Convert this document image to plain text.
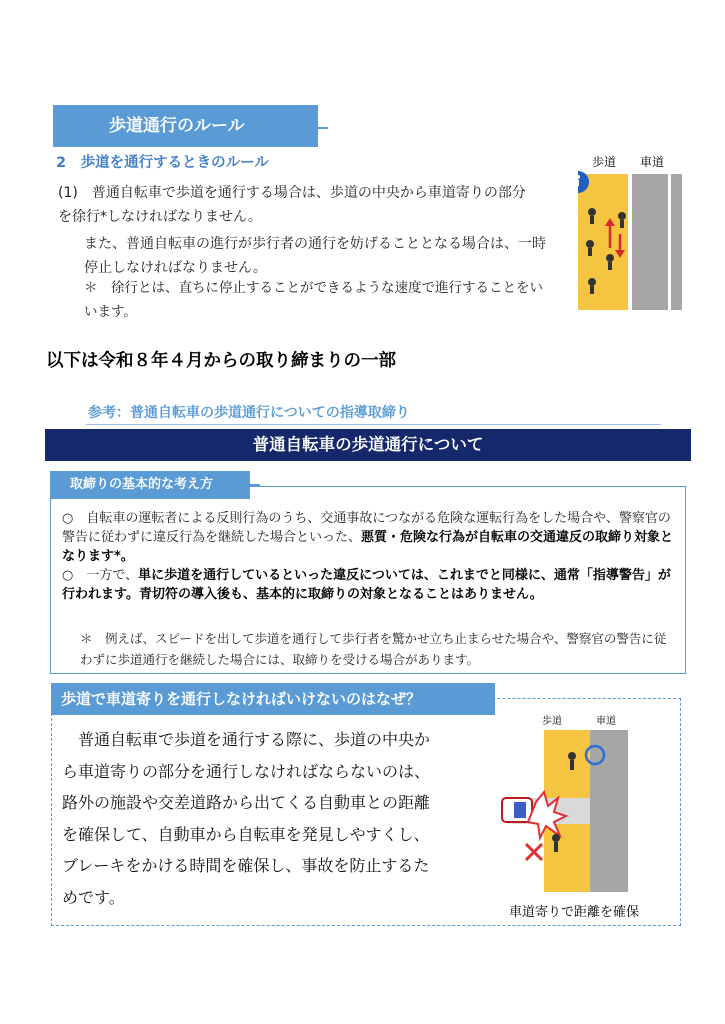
歩道通行のルール
2　歩道を通行するときのルール
(1)　普通自転車で歩道を通行する場合は、歩道の中央から車道寄りの部分を徐行*しなければなりません。
また、普通自転車の進行が歩行者の通行を妨げることとなる場合は、一時停止しなければなりません。
＊　徐行とは、直ちに停止することができるような速度で進行することをいいます。
歩道 車道
以下は令和８年４月からの取り締まりの一部
参考：普通自転車の歩道通行についての指導取締り
普通自転車の歩道通行について
取締りの基本的な考え方
○　自転車の運転者による反則行為のうち、交通事故につながる危険な運転行為をした場合や、警察官の警告に従わずに違反行為を継続した場合といった、悪質・危険な行為が自転車の交通違反の取締り対象となります*。
○　一方で、単に歩道を通行しているといった違反については、これまでと同様に、通常「指導警告」が行われます。青切符の導入後も、基本的に取締りの対象となることはありません。
＊　例えば、スピードを出して歩道を通行して歩行者を驚かせ立ち止まらせた場合や、警察官の警告に従わずに歩道通行を継続した場合には、取締りを受ける場合があります。
歩道で車道寄りを通行しなければいけないのはなぜ？
普通自転車で歩道を通行する際に、歩道の中央から車道寄りの部分を通行しなければならないのは、路外の施設や交差道路から出てくる自動車との距離を確保して、自動車から自転車を発見しやすくし、ブレーキをかける時間を確保し、事故を防止するためです。
歩道	車道
車道寄りで距離を確保
